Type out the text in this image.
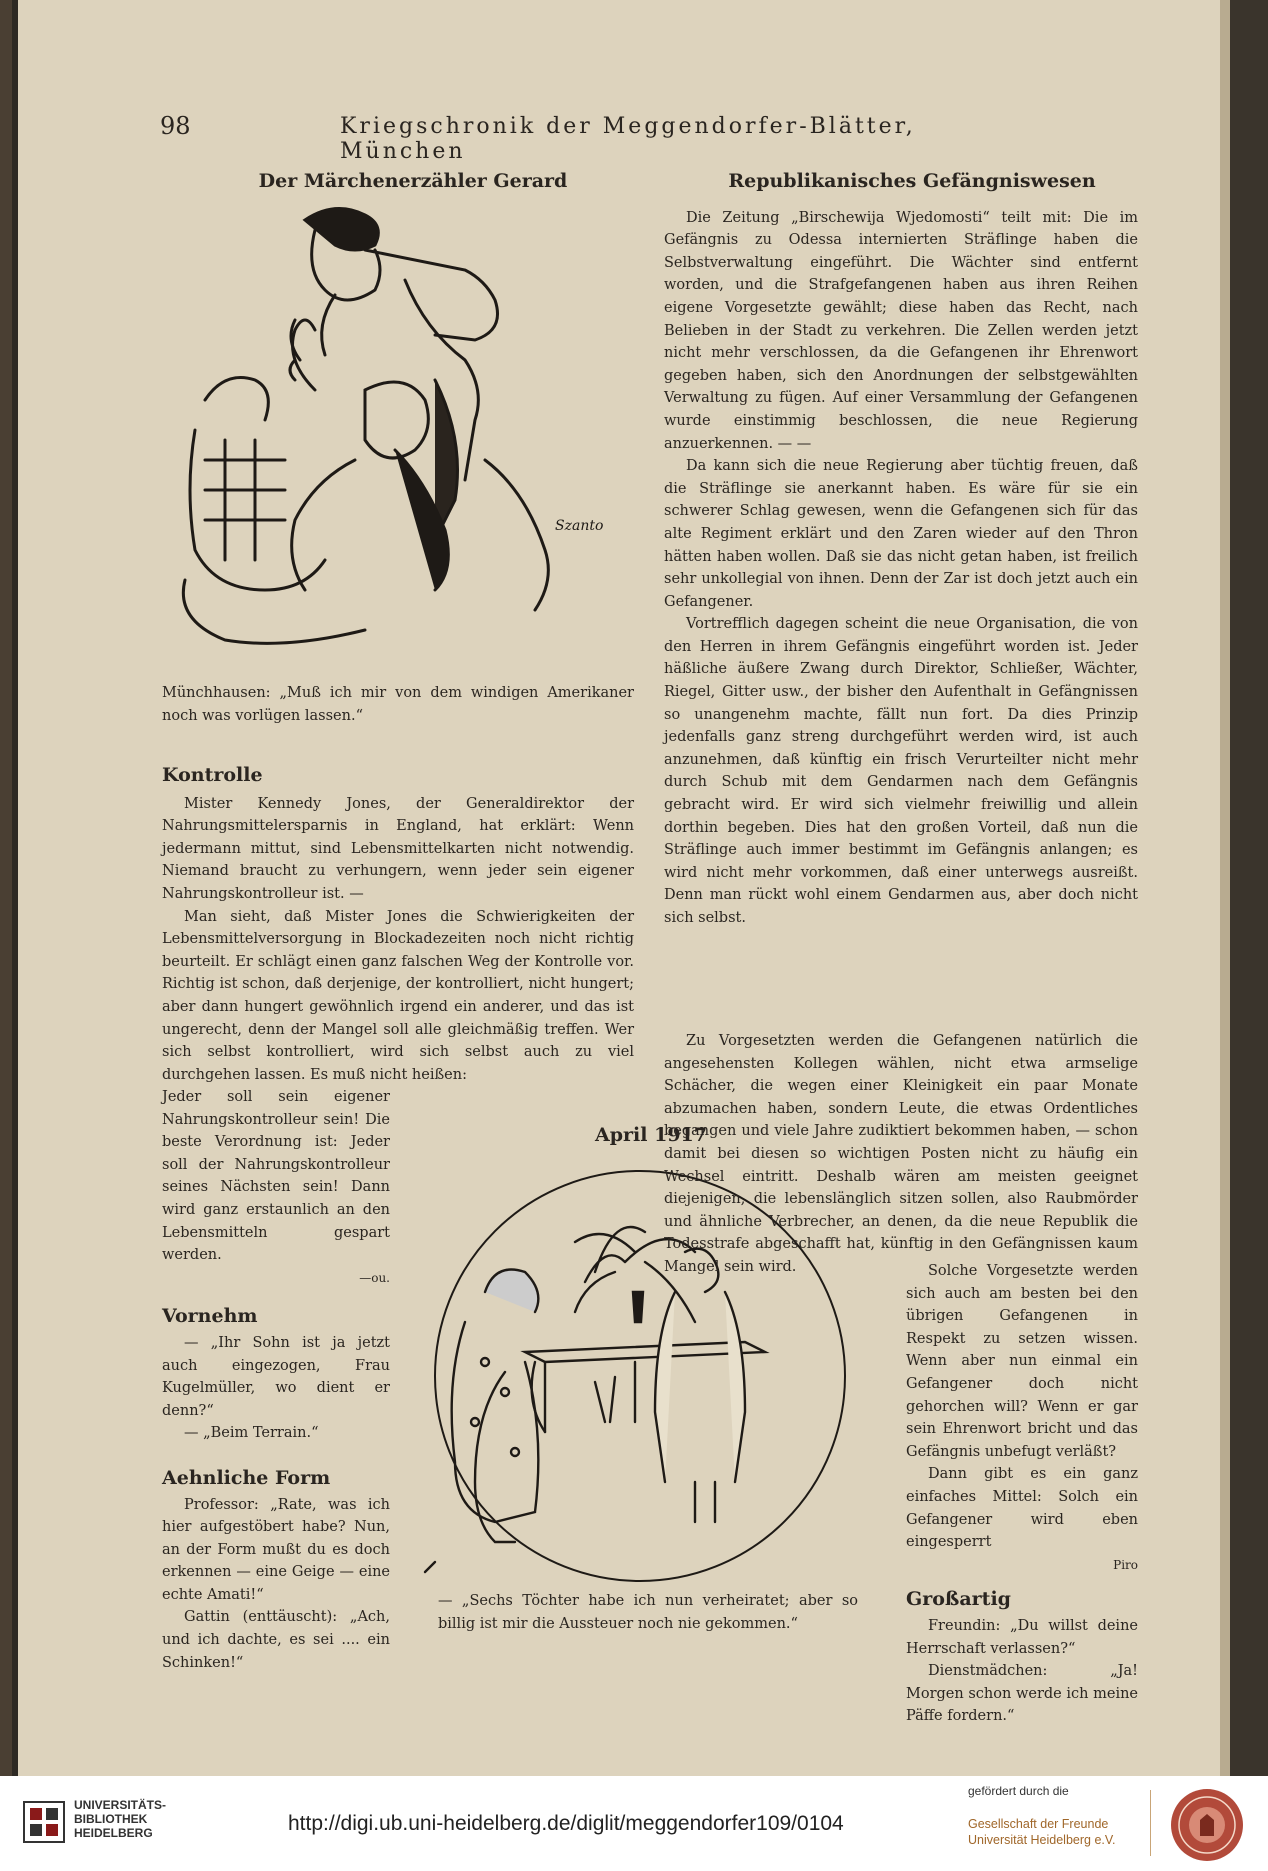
98	Kriegschronik der Meggendorfer-Blätter, München

Der Märchenerzähler Gerard

Szanto
Münchhausen: „Muß ich mir von dem windigen Amerikaner noch was vorlügen lassen.“

Kontrolle

Mister Kennedy Jones, der Generaldirektor der Nahrungsmittelersparnis in England, hat erklärt: Wenn jedermann mittut, sind Lebensmittelkarten nicht notwendig. Niemand braucht zu verhungern, wenn jeder sein eigener Nahrungskontrolleur ist. —

Man sieht, daß Mister Jones die Schwierigkeiten der Lebensmittelversorgung in Blockadezeiten noch nicht richtig beurteilt. Er schlägt einen ganz falschen Weg der Kontrolle vor. Richtig ist schon, daß derjenige, der kontrolliert, nicht hungert; aber dann hungert gewöhnlich irgend ein anderer, und das ist ungerecht, denn der Mangel soll alle gleichmäßig treffen. Wer sich selbst kontrolliert, wird sich selbst auch zu viel durchgehen lassen. Es muß nicht heißen:

Jeder soll sein eigener Nahrungskontrolleur sein! Die beste Verordnung ist: Jeder soll der Nahrungskontrolleur seines Nächsten sein! Dann wird ganz erstaunlich an den Lebensmitteln gespart werden.

—ou.

Vornehm

— „Ihr Sohn ist ja jetzt auch eingezogen, Frau Kugelmüller, wo dient er denn?“

— „Beim Terrain.“

Aehnliche Form

Professor: „Rate, was ich hier aufgestöbert habe? Nun, an der Form mußt du es doch erkennen — eine Geige — eine echte Amati!“

Gattin (enttäuscht): „Ach, und ich dachte, es sei .... ein Schinken!“

April 1917

— „Sechs Töchter habe ich nun verheiratet; aber so billig ist mir die Aussteuer noch nie gekommen.“

Republikanisches Gefängniswesen

Die Zeitung „Birschewija Wjedomosti“ teilt mit: Die im Gefängnis zu Odessa internierten Sträflinge haben die Selbstverwaltung eingeführt. Die Wächter sind entfernt worden, und die Strafgefangenen haben aus ihren Reihen eigene Vorgesetzte gewählt; diese haben das Recht, nach Belieben in der Stadt zu verkehren. Die Zellen werden jetzt nicht mehr verschlossen, da die Gefangenen ihr Ehrenwort gegeben haben, sich den Anordnungen der selbstgewählten Verwaltung zu fügen. Auf einer Versammlung der Gefangenen wurde einstimmig beschlossen, die neue Regierung anzuerkennen. — —

Da kann sich die neue Regierung aber tüchtig freuen, daß die Sträflinge sie anerkannt haben. Es wäre für sie ein schwerer Schlag gewesen, wenn die Gefangenen sich für das alte Regiment erklärt und den Zaren wieder auf den Thron hätten haben wollen. Daß sie das nicht getan haben, ist freilich sehr unkollegial von ihnen. Denn der Zar ist doch jetzt auch ein Gefangener.

Vortrefflich dagegen scheint die neue Organisation, die von den Herren in ihrem Gefängnis eingeführt worden ist. Jeder häßliche äußere Zwang durch Direktor, Schließer, Wächter, Riegel, Gitter usw., der bisher den Aufenthalt in Gefängnissen so unangenehm machte, fällt nun fort. Da dies Prinzip jedenfalls ganz streng durchgeführt werden wird, ist auch anzunehmen, daß künftig ein frisch Verurteilter nicht mehr durch Schub mit dem Gendarmen nach dem Gefängnis gebracht wird. Er wird sich vielmehr freiwillig und allein dorthin begeben. Dies hat den großen Vorteil, daß nun die Sträflinge auch immer bestimmt im Gefängnis anlangen; es wird nicht mehr vorkommen, daß einer unterwegs ausreißt. Denn man rückt wohl einem Gendarmen aus, aber doch nicht sich selbst.

Zu Vorgesetzten werden die Gefangenen natürlich die angesehensten Kollegen wählen, nicht etwa armselige Schächer, die wegen einer Kleinigkeit ein paar Monate abzumachen haben, sondern Leute, die etwas Ordentliches begangen und viele Jahre zudiktiert bekommen haben, — schon damit bei diesen so wichtigen Posten nicht zu häufig ein Wechsel eintritt. Deshalb wären am meisten geeignet diejenigen, die lebenslänglich sitzen sollen, also Raubmörder und ähnliche Verbrecher, an denen, da die neue Republik die Todesstrafe abgeschafft hat, künftig in den Gefängnissen kaum Mangel sein wird.	Solche Vorgesetzte werden sich auch am besten bei den übrigen Gefangenen in Respekt zu setzen wissen. Wenn aber nun einmal ein Gefangener doch nicht gehorchen will? Wenn er gar sein Ehrenwort bricht und das Gefängnis unbefugt verläßt?

Dann gibt es ein ganz einfaches Mittel: Solch ein Gefangener wird eben eingesperrt

Piro

Großartig

Freundin: „Du willst deine Herrschaft verlassen?“

Dienstmädchen: „Ja! Morgen schon werde ich meine Päffe fordern.“

UNIVERSITÄTS-
BIBLIOTHEK
HEIDELBERG	http://digi.ub.uni-heidelberg.de/diglit/meggendorfer109/0104
gefördert durch die
Gesellschaft der Freunde
Universität Heidelberg e.V.
